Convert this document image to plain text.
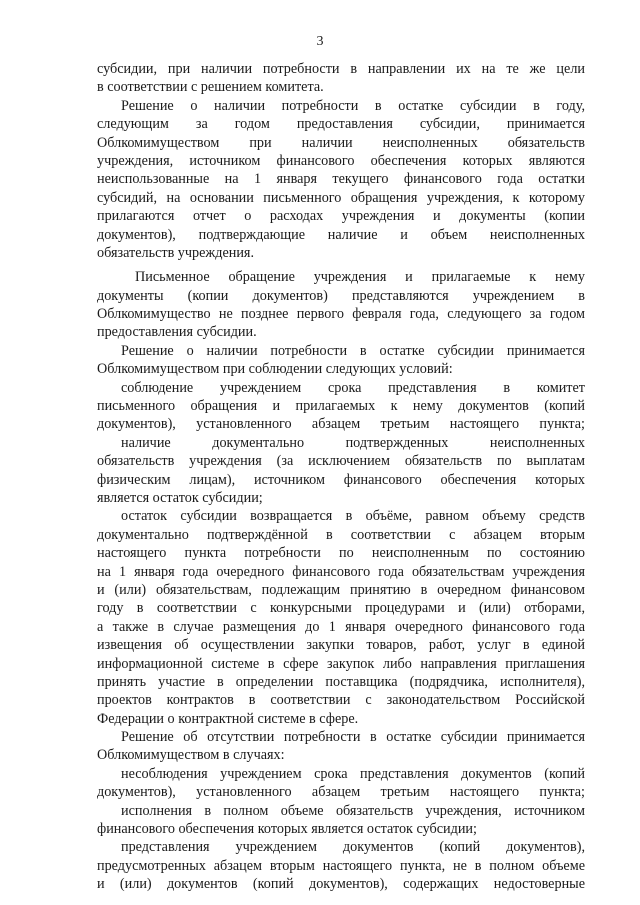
3
субсидии, при наличии потребности в направлении их на те же цели
в соответствии с решением комитета.
Решение о наличии потребности в остатке субсидии в году,
следующим за годом предоставления субсидии, принимается
Облкомимуществом при наличии неисполненных обязательств
учреждения, источником финансового обеспечения которых являются
неиспользованные на 1 января текущего финансового года остатки
субсидий, на основании письменного обращения учреждения, к которому
прилагаются отчет о расходах учреждения и документы (копии
документов), подтверждающие наличие и объем неисполненных
обязательств учреждения.
Письменное обращение учреждения и прилагаемые к нему
документы (копии документов) представляются учреждением в
Облкомимущество не позднее первого февраля года, следующего за годом
предоставления субсидии.
Решение о наличии потребности в остатке субсидии принимается
Облкомимуществом при соблюдении следующих условий:
соблюдение учреждением срока представления в комитет
письменного обращения и прилагаемых к нему документов (копий
документов), установленного абзацем третьим настоящего пункта;
наличие документально подтвержденных неисполненных
обязательств учреждения (за исключением обязательств по выплатам
физическим лицам), источником финансового обеспечения которых
является остаток субсидии;
остаток субсидии возвращается в объёме, равном объему средств
документально подтверждённой в соответствии с абзацем вторым
настоящего пункта потребности по неисполненным по состоянию
на 1 января года очередного финансового года обязательствам учреждения
и (или) обязательствам, подлежащим принятию в очередном финансовом
году в соответствии с конкурсными процедурами и (или) отборами,
а также в случае размещения до 1 января очередного финансового года
извещения об осуществлении закупки товаров, работ, услуг в единой
информационной системе в сфере закупок либо направления приглашения
принять участие в определении поставщика (подрядчика, исполнителя),
проектов контрактов в соответствии с законодательством Российской
Федерации о контрактной системе в сфере.
Решение об отсутствии потребности в остатке субсидии принимается
Облкомимуществом в случаях:
несоблюдения учреждением срока представления документов (копий
документов), установленного абзацем третьим настоящего пункта;
исполнения в полном объеме обязательств учреждения, источником
финансового обеспечения которых является остаток субсидии;
представления учреждением документов (копий документов),
предусмотренных абзацем вторым настоящего пункта, не в полном объеме
и (или) документов (копий документов), содержащих недостоверные
